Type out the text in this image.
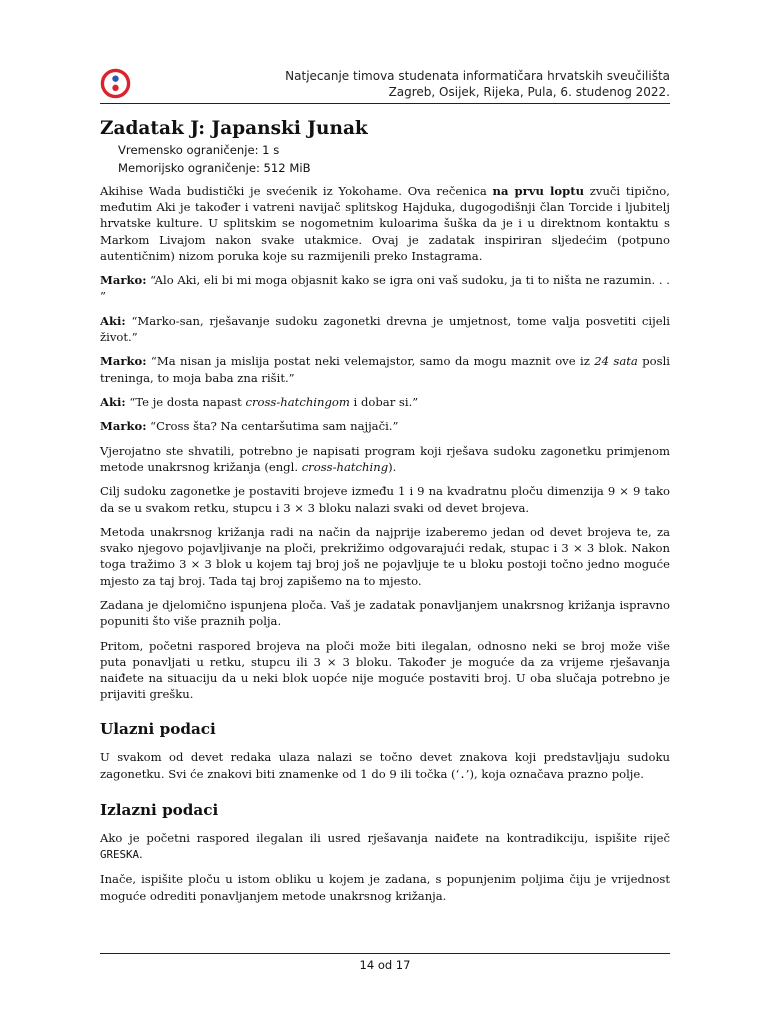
Natjecanje timova studenata informatičara hrvatskih sveučilišta
Zagreb, Osijek, Rijeka, Pula, 6. studenog 2022.
Zadatak J: Japanski Junak
Vremensko ograničenje: 1 s
Memorijsko ograničenje: 512 MiB

Akihise Wada budistički je svećenik iz Yokohame. Ova rečenica na prvu loptu zvuči tipično, međutim Aki je također i vatreni navijač splitskog Hajduka, dugogodišnji član Torcide i ljubitelj hrvatske kulture. U splitskim se nogometnim kuloarima šuška da je i u direktnom kontaktu s Markom Livajom nakon svake utakmice. Ovaj je zadatak inspiriran sljedećim (potpuno autentičnim) nizom poruka koje su razmijenili preko Instagrama.

Marko: “Alo Aki, eli bi mi moga objasnit kako se igra oni vaš sudoku, ja ti to ništa ne razumin. . . ”

Aki: “Marko-san, rješavanje sudoku zagonetki drevna je umjetnost, tome valja posvetiti cijeli život.”

Marko: “Ma nisan ja mislija postat neki velemajstor, samo da mogu maznit ove iz 24 sata posli treninga, to moja baba zna rišit.”

Aki: “Te je dosta napast cross-hatchingom i dobar si.”

Marko: “Cross šta? Na centaršutima sam najjači.”

Vjerojatno ste shvatili, potrebno je napisati program koji rješava sudoku zagonetku primjenom metode unakrsnog križanja (engl. cross-hatching).

Cilj sudoku zagonetke je postaviti brojeve između 1 i 9 na kvadratnu ploču dimenzija 9 × 9 tako da se u svakom retku, stupcu i 3 × 3 bloku nalazi svaki od devet brojeva.

Metoda unakrsnog križanja radi na način da najprije izaberemo jedan od devet brojeva te, za svako njegovo pojavljivanje na ploči, prekrižimo odgovarajući redak, stupac i 3 × 3 blok. Nakon toga tražimo 3 × 3 blok u kojem taj broj još ne pojavljuje te u bloku postoji točno jedno moguće mjesto za taj broj. Tada taj broj zapišemo na to mjesto.

Zadana je djelomično ispunjena ploča. Vaš je zadatak ponavljanjem unakrsnog križanja ispravno popuniti što više praznih polja.

Pritom, početni raspored brojeva na ploči može biti ilegalan, odnosno neki se broj može više puta ponavljati u retku, stupcu ili 3 × 3 bloku. Također je moguće da za vrijeme rješavanja naiđete na situaciju da u neki blok uopće nije moguće postaviti broj. U oba slučaja potrebno je prijaviti grešku.

Ulazni podaci

U svakom od devet redaka ulaza nalazi se točno devet znakova koji predstavljaju sudoku zagonetku. Svi će znakovi biti znamenke od 1 do 9 ili točka (‘.’), koja označava prazno polje.

Izlazni podaci

Ako je početni raspored ilegalan ili usred rješavanja naiđete na kontradikciju, ispišite riječ GRESKA.

Inače, ispišite ploču u istom obliku u kojem je zadana, s popunjenim poljima čiju je vrijednost moguće odrediti ponavljanjem metode unakrsnog križanja.

14 od 17
